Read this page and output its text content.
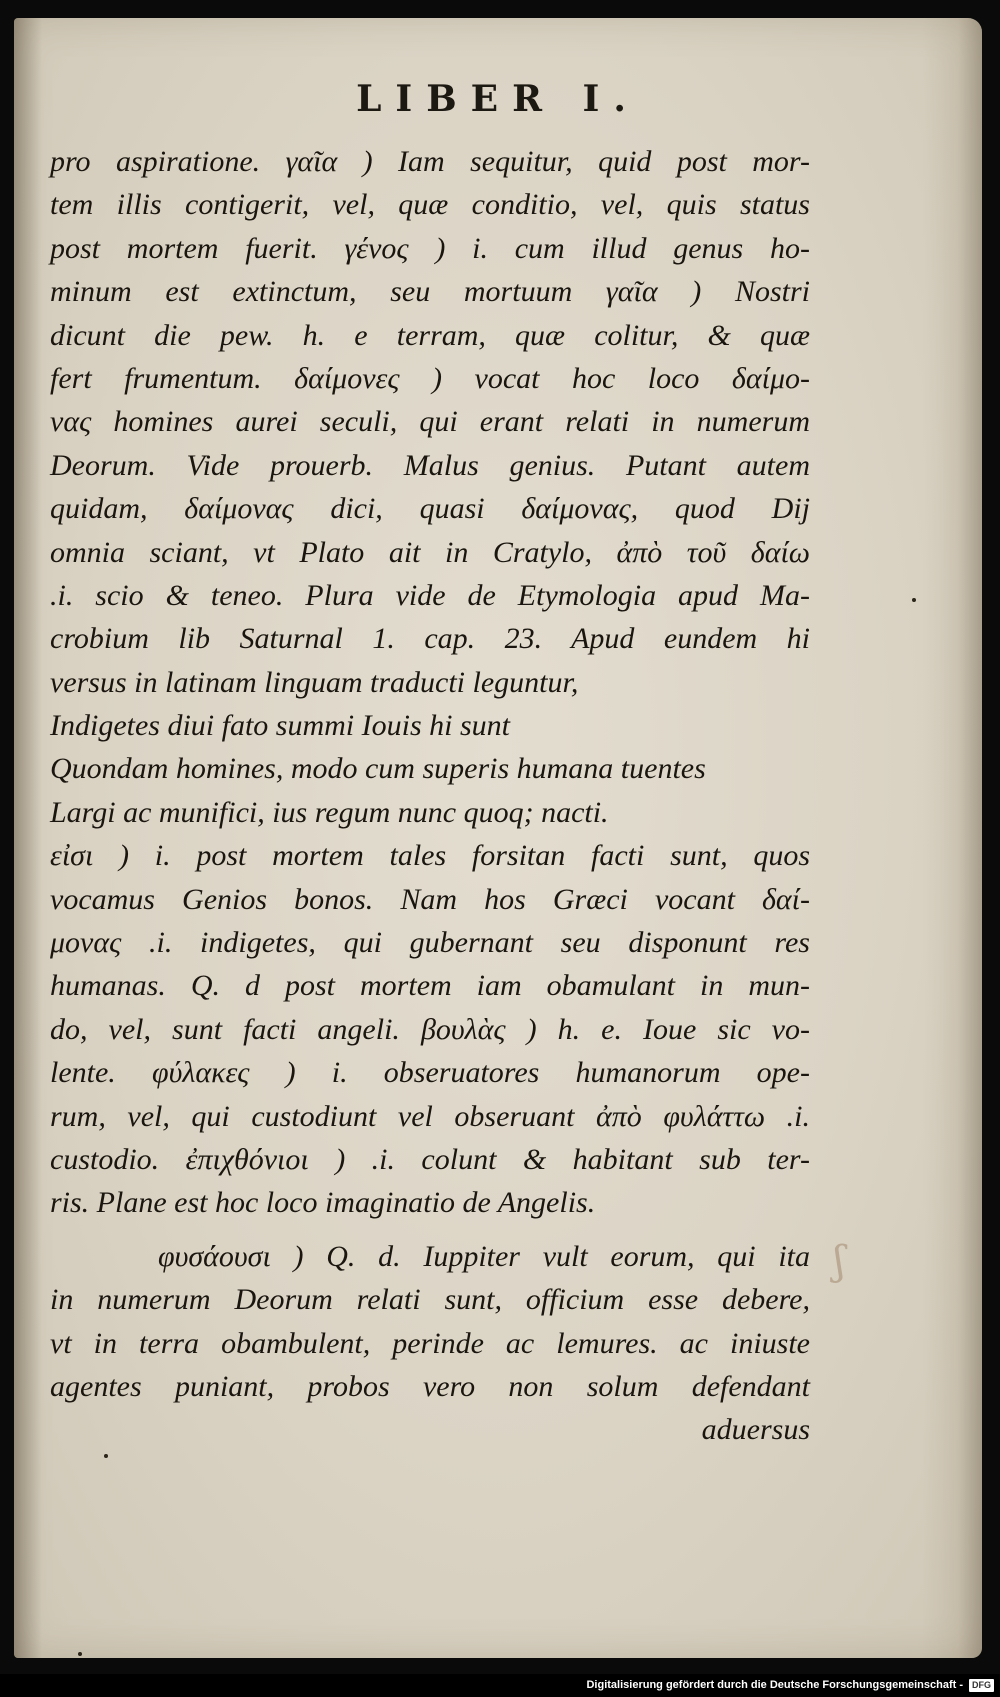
LIBER I.
pro aspiratione. γαῖα ) Iam sequitur, quid post mor-
tem illis contigerit, vel, quæ conditio, vel, quis status
post mortem fuerit. γένος ) i. cum illud genus ho-
minum est extinctum, seu mortuum γαῖα ) Nostri
dicunt die pew. h. e terram, quæ colitur, & quæ
fert frumentum. δαίμονες ) vocat hoc loco δαίμο-
νας homines aurei seculi, qui erant relati in numerum
Deorum. Vide prouerb. Malus genius. Putant autem
quidam, δαίμονας dici, quasi δαίμονας, quod Dij
omnia sciant, vt Plato ait in Cratylo, ἀπὸ τοῦ δαίω
.i. scio & teneo. Plura vide de Etymologia apud Ma-
crobium lib Saturnal 1. cap. 23. Apud eundem hi
versus in latinam linguam traducti leguntur,
Indigetes diui fato summi Iouis hi sunt
Quondam homines, modo cum superis humana tuentes
Largi ac munifici, ius regum nunc quoq; nacti.
εἰσι ) i. post mortem tales forsitan facti sunt, quos
vocamus Genios bonos. Nam hos Græci vocant δαί-
μονας .i. indigetes, qui gubernant seu disponunt res
humanas. Q. d post mortem iam obamulant in mun-
do, vel, sunt facti angeli. βουλὰς ) h. e. Ioue sic vo-
lente. φύλακες ) i. obseruatores humanorum ope-
rum, vel, qui custodiunt vel obseruant ἀπὸ φυλάττω .i.
custodio. ἐπιχθόνιοι ) .i. colunt & habitant sub ter-
ris. Plane est hoc loco imaginatio de Angelis.
φυσάουσι ) Q. d. Iuppiter vult eorum, qui ita
in numerum Deorum relati sunt, officium esse debere,
vt in terra obambulent, perinde ac lemures. ac iniuste
agentes puniant, probos vero non solum defendant
aduersus
ʃ
Digitalisierung gefördert durch die Deutsche Forschungsgemeinschaft - DFG
